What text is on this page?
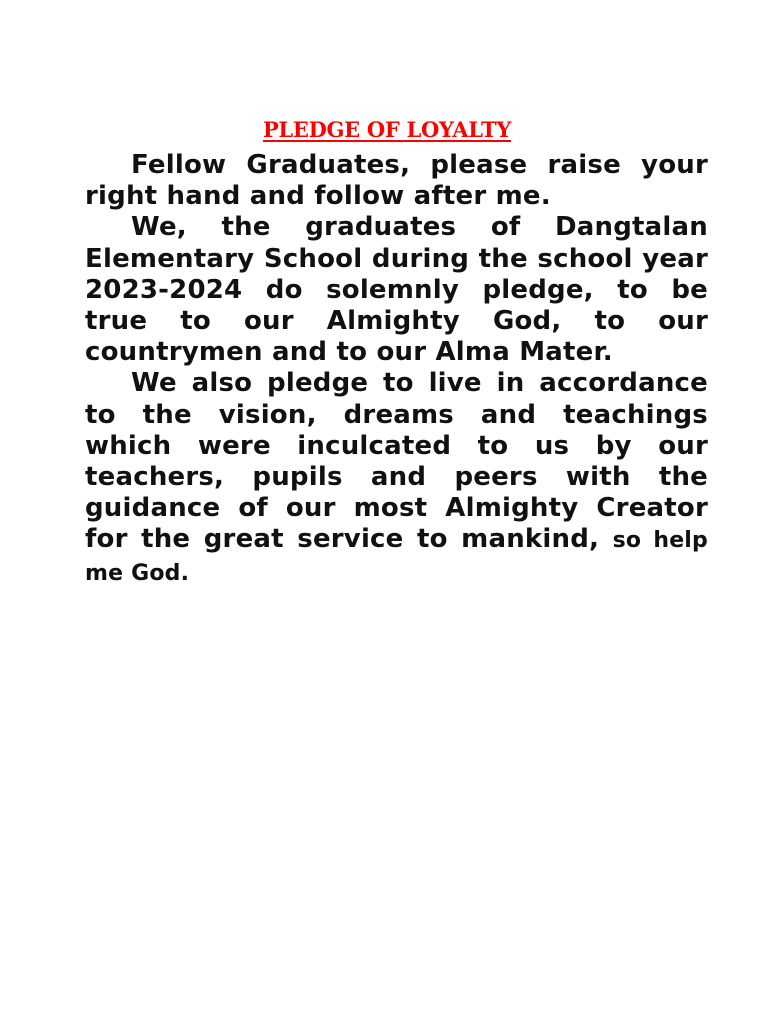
PLEDGE OF LOYALTY

Fellow Graduates, please raise your right hand and follow after me.

We, the graduates of Dangtalan Elementary School during the school year 2023-2024 do solemnly pledge, to be true to our Almighty God, to our countrymen and to our Alma Mater.

We also pledge to live in accordance to the vision, dreams and teachings which were inculcated to us by our teachers, pupils and peers with the guidance of our most Almighty Creator for the great service to mankind, so help me God.
